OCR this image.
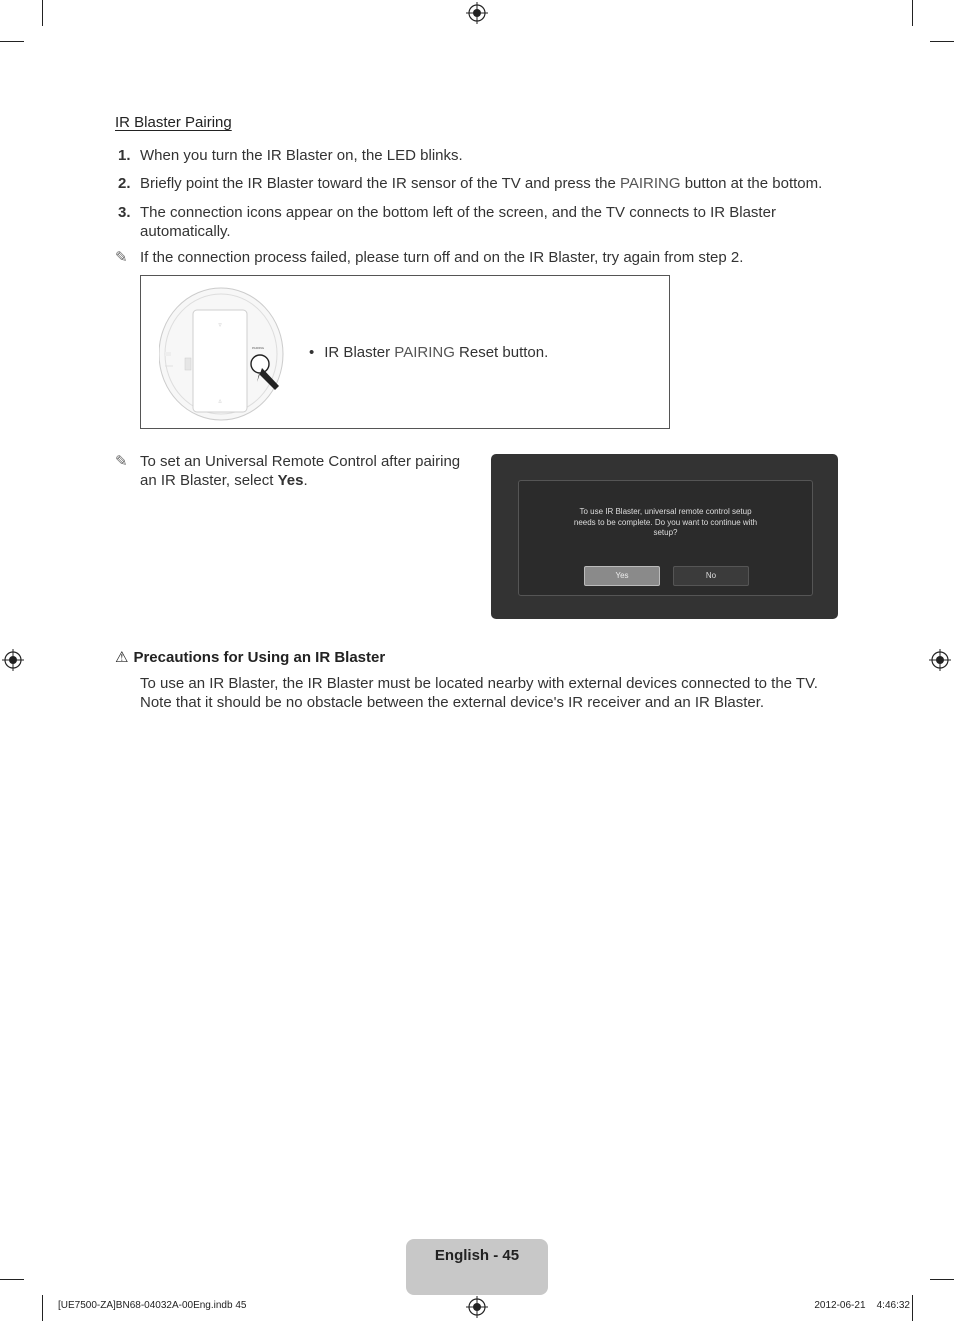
IR Blaster Pairing
1. When you turn the IR Blaster on, the LED blinks.
2. Briefly point the IR Blaster toward the IR sensor of the TV and press the PAIRING button at the bottom.
3. The connection icons appear on the bottom left of the screen, and the TV connects to IR Blaster automatically.
✎ If the connection process failed, please turn off and on the IR Blaster, try again from step 2.
▽
△
PAIRING	• IR Blaster PAIRING Reset button.
✎ To set an Universal Remote Control after pairing an IR Blaster, select Yes.
To use IR Blaster, universal remote control setup needs to be complete. Do you want to continue with setup?
Yes	No
⚠ Precautions for Using an IR Blaster
To use an IR Blaster, the IR Blaster must be located nearby with external devices connected to the TV. Note that it should be no obstacle between the external device's IR receiver and an IR Blaster.
English - 45
[UE7500-ZA]BN68-04032A-00Eng.indb 45	2012-06-21    4:46:32
